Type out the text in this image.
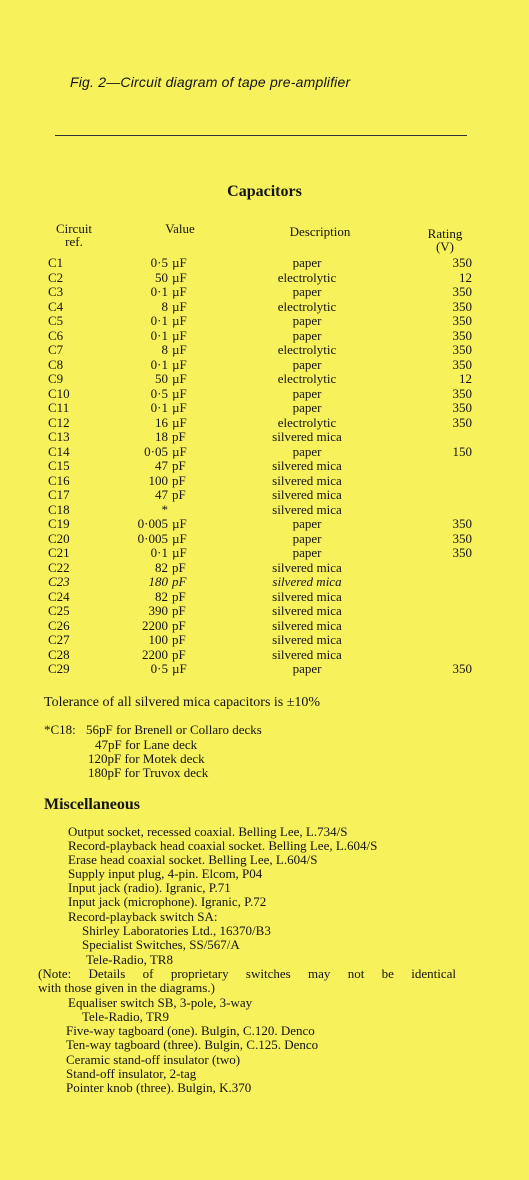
Fig. 2—Circuit diagram of tape pre-amplifier
Capacitors
Circuit
ref.
Value	Description	Rating
(V)
C1	0·5	µF	paper	350
C2	50	µF	electrolytic	12
C3	0·1	µF	paper	350
C4	8	µF	electrolytic	350
C5	0·1	µF	paper	350
C6	0·1	µF	paper	350
C7	8	µF	electrolytic	350
C8	0·1	µF	paper	350
C9	50	µF	electrolytic	12
C10	0·5	µF	paper	350
C11	0·1	µF	paper	350
C12	16	µF	electrolytic	350
C13	18	pF	silvered mica	
C14	0·05	µF	paper	150
C15	47	pF	silvered mica	
C16	100	pF	silvered mica	
C17	47	pF	silvered mica	
C18	*		silvered mica	
C19	0·005	µF	paper	350
C20	0·005	µF	paper	350
C21	0·1	µF	paper	350
C22	82	pF	silvered mica	
C23	180	pF	silvered mica	
C24	82	pF	silvered mica	
C25	390	pF	silvered mica	
C26	2200	pF	silvered mica	
C27	100	pF	silvered mica	
C28	2200	pF	silvered mica	
C29	0·5	µF	paper	350
Tolerance of all silvered mica capacitors is ±10%
*C18: 56pF for Brenell or Collaro decks
47pF for Lane deck
120pF for Motek deck
180pF for Truvox deck
Miscellaneous
Output socket, recessed coaxial. Belling Lee, L.734/S
Record-playback head coaxial socket. Belling Lee, L.604/S
Erase head coaxial socket. Belling Lee, L.604/S
Supply input plug, 4-pin. Elcom, P04
Input jack (radio). Igranic, P.71
Input jack (microphone). Igranic, P.72
Record-playback switch SA:
Shirley Laboratories Ltd., 16370/B3
Specialist Switches, SS/567/A
Tele-Radio, TR8
(Note: Details of proprietary switches may not be identical
with those given in the diagrams.)
Equaliser switch SB, 3-pole, 3-way
Tele-Radio, TR9
Five-way tagboard (one). Bulgin, C.120. Denco
Ten-way tagboard (three). Bulgin, C.125. Denco
Ceramic stand-off insulator (two)
Stand-off insulator, 2-tag
Pointer knob (three). Bulgin, K.370
